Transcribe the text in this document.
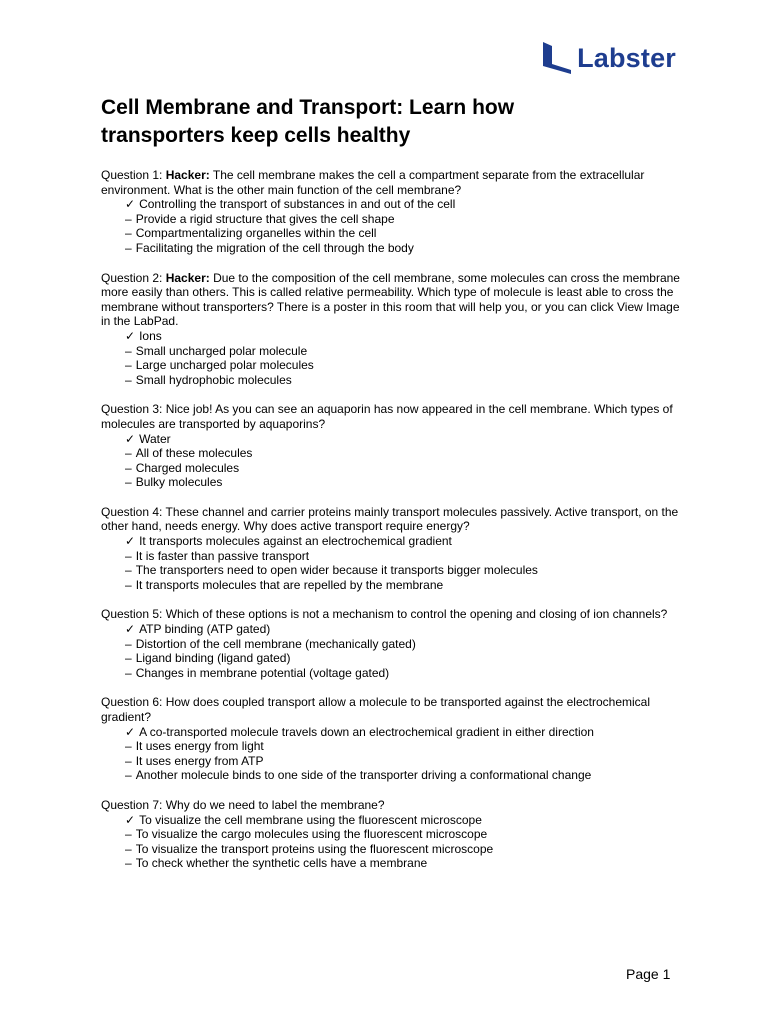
Labster
Cell Membrane and Transport: Learn how
transporters keep cells healthy

Question 1: Hacker: The cell membrane makes the cell a compartment separate from the extracellular environment. What is the other main function of the cell membrane?

✓ Controlling the transport of substances in and out of the cell
– Provide a rigid structure that gives the cell shape
– Compartmentalizing organelles within the cell
– Facilitating the migration of the cell through the body

Question 2: Hacker: Due to the composition of the cell membrane, some molecules can cross the membrane more easily than others. This is called relative permeability. Which type of molecule is least able to cross the membrane without transporters? There is a poster in this room that will help you, or you can click View Image in the LabPad.

✓ Ions
– Small uncharged polar molecule
– Large uncharged polar molecules
– Small hydrophobic molecules

Question 3: Nice job! As you can see an aquaporin has now appeared in the cell membrane. Which types of molecules are transported by aquaporins?

✓ Water
– All of these molecules
– Charged molecules
– Bulky molecules

Question 4: These channel and carrier proteins mainly transport molecules passively. Active transport, on the other hand, needs energy. Why does active transport require energy?

✓ It transports molecules against an electrochemical gradient
– It is faster than passive transport
– The transporters need to open wider because it transports bigger molecules
– It transports molecules that are repelled by the membrane

Question 5: Which of these options is not a mechanism to control the opening and closing of ion channels?

✓ ATP binding (ATP gated)
– Distortion of the cell membrane (mechanically gated)
– Ligand binding (ligand gated)
– Changes in membrane potential (voltage gated)

Question 6: How does coupled transport allow a molecule to be transported against the electrochemical gradient?

✓ A co-transported molecule travels down an electrochemical gradient in either direction
– It uses energy from light
– It uses energy from ATP
– Another molecule binds to one side of the transporter driving a conformational change

Question 7: Why do we need to label the membrane?

✓ To visualize the cell membrane using the fluorescent microscope
– To visualize the cargo molecules using the fluorescent microscope
– To visualize the transport proteins using the fluorescent microscope
– To check whether the synthetic cells have a membrane
Page 1
